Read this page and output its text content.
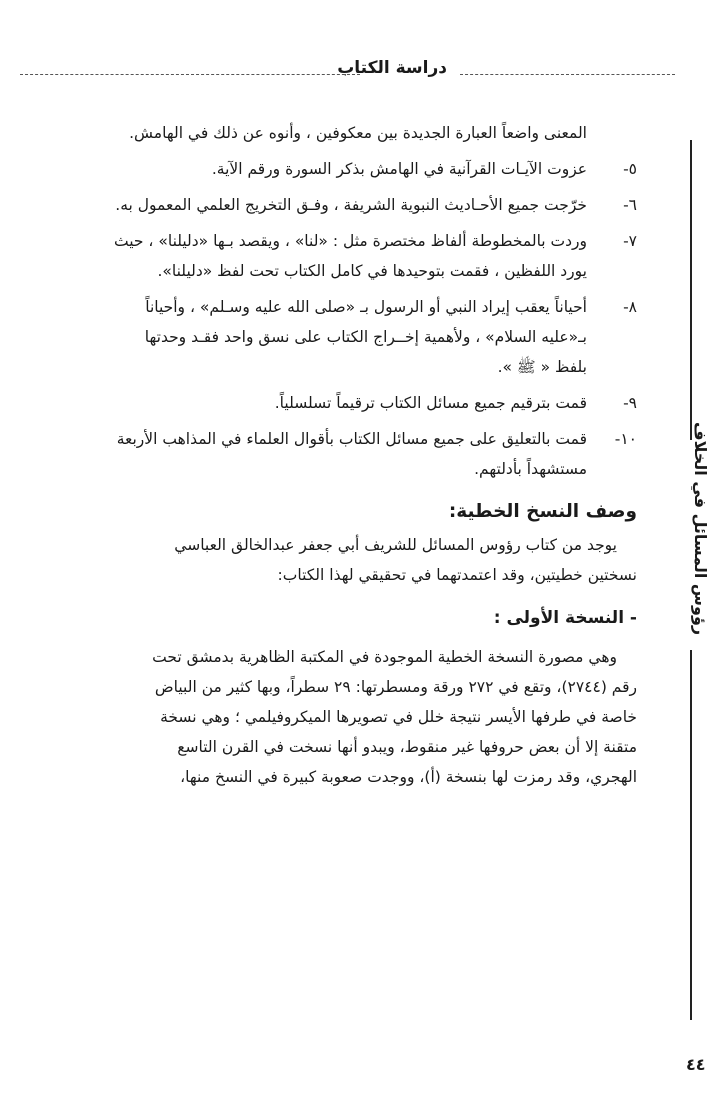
دراسة الكتاب
رؤوس المسائل في الخلاف
المعنى واضعاً العبارة الجديدة بين معكوفين ، وأنوه عن ذلك في الهامش.
٥-
عزوت الآيـات القرآنية في الهامش بذكر السورة ورقم الآية.
٦-
خرّجت جميع الأحـاديث النبوية الشريفة ، وفـق التخريج العلمي المعمول به.
٧-
وردت بالمخطوطة ألفاظ مختصرة مثل : «لنا» ، ويقصد بـها «دليلنا» ، حيث
يورد اللفظين ، فقمت بتوحيدها في كامل الكتاب تحت لفظ «دليلنا».
٨-
أحياناً يعقب إيراد النبي أو الرسول بـ «صلى الله عليه وسـلم» ، وأحياناً
بـ«عليه السلام» ، ولأهمية إخــراج الكتاب على نسق واحد فقـد وحدتها
بلفظ « ﷺ ».
٩-
قمت بترقيم جميع مسائل الكتاب ترقيماً تسلسلياً.
١٠-
قمت بالتعليق على جميع مسائل الكتاب بأقوال العلماء في المذاهب الأربعة
مستشهداً بأدلتهم.
وصف النسخ الخطية:
يوجد من كتاب رؤوس المسائل للشريف أبي جعفر عبدالخالق العباسي
نسختين خطيتين، وقد اعتمدتهما في تحقيقي لهذا الكتاب:
- النسخة الأولى :
وهي مصورة النسخة الخطية الموجودة في المكتبة الظاهرية بدمشق تحت
رقم (٢٧٤٤)، وتقع في ٢٧٢ ورقة ومسطرتها: ٢٩ سطراً، وبها كثير من البياض
خاصة في طرفها الأيسر نتيجة خلل في تصويرها الميكروفيلمي ؛ وهي نسخة
متقنة إلا أن بعض حروفها غير منقوط، ويبدو أنها نسخت في القرن التاسع
الهجري، وقد رمزت لها بنسخة (أ)، ووجدت صعوبة كبيرة في النسخ منها،
٤٤
